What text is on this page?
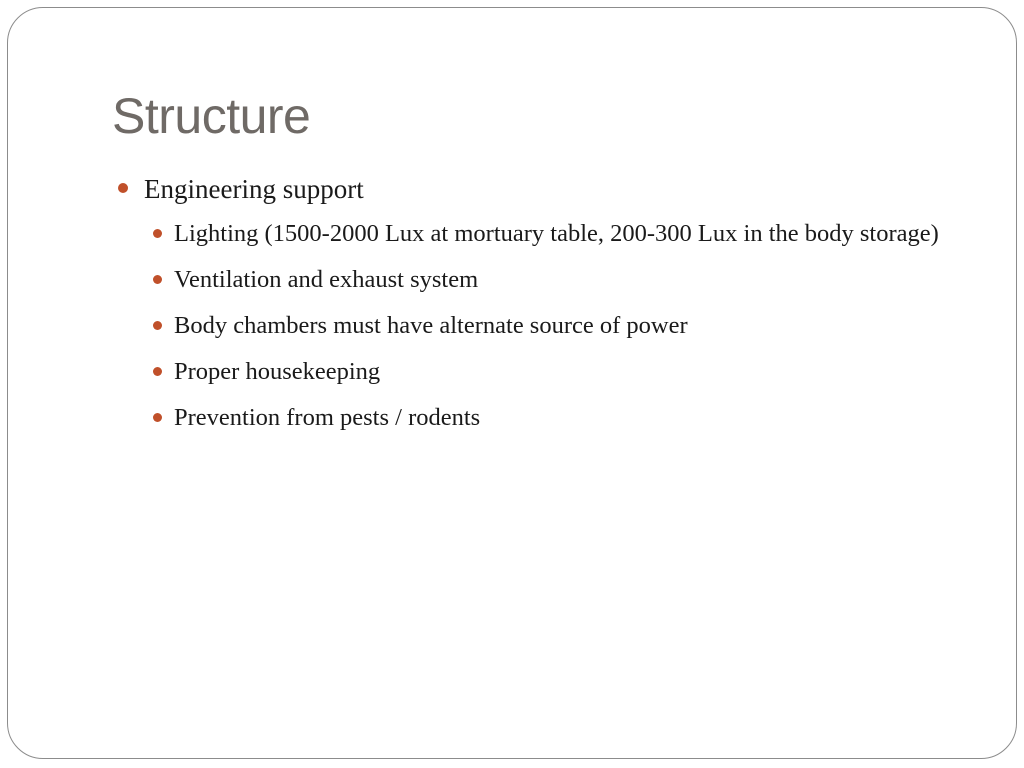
Structure
Engineering support
Lighting (1500-2000 Lux at mortuary table, 200-300 Lux in the body storage)
Ventilation and exhaust system
Body chambers must have alternate source of power
Proper housekeeping
Prevention from pests / rodents
